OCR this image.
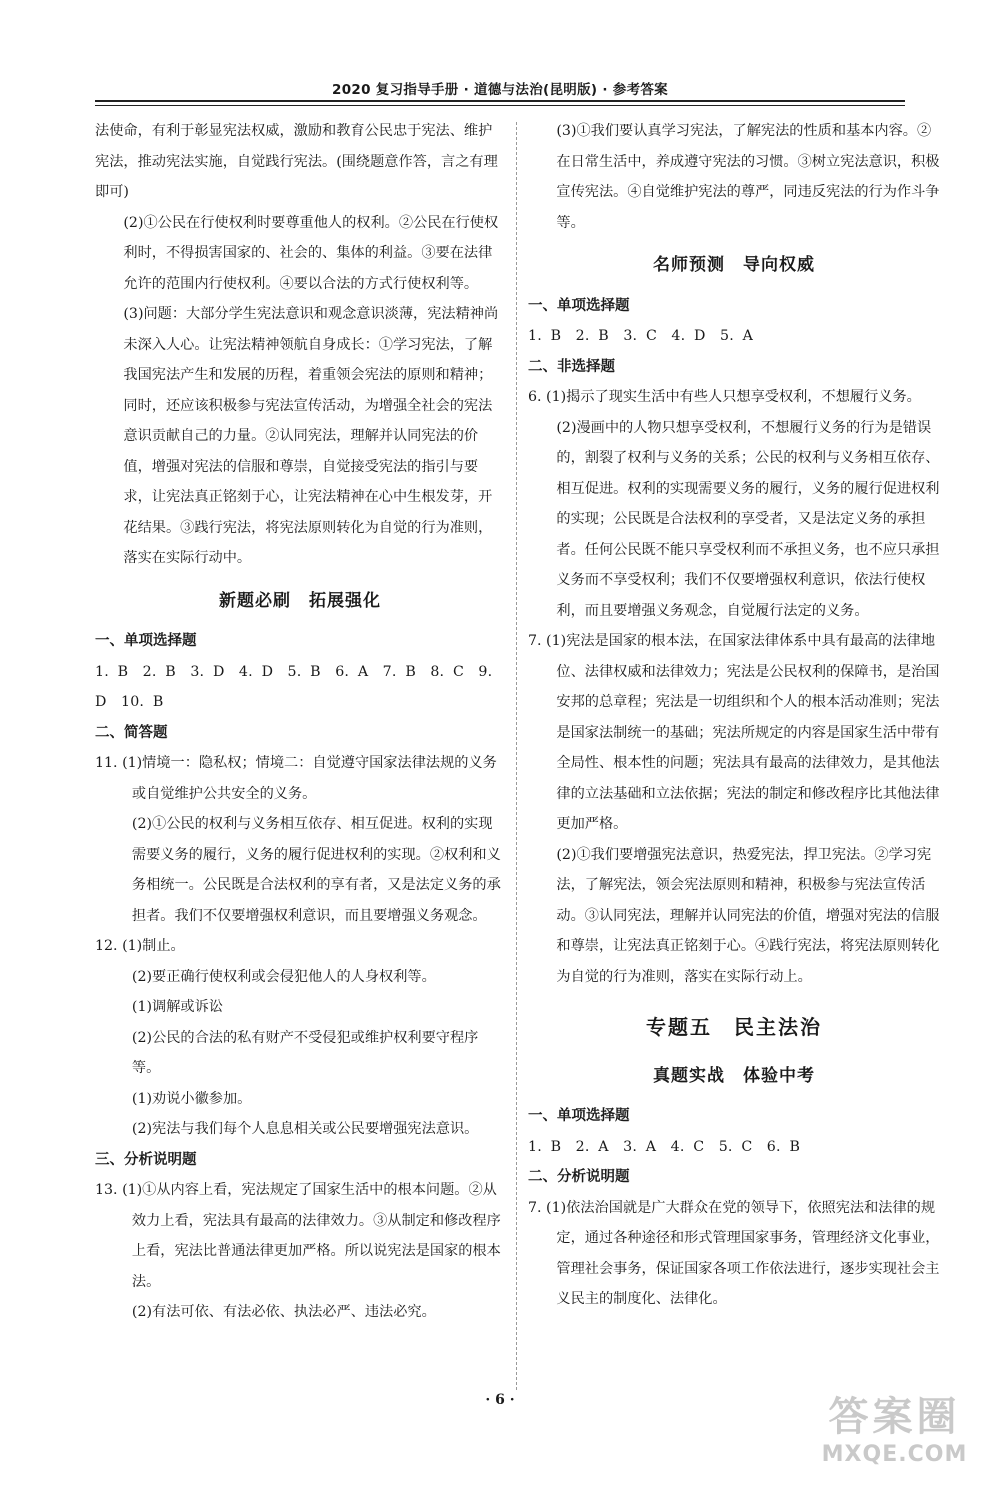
2020 复习指导手册 · 道德与法治(昆明版) · 参考答案

法使命，有利于彰显宪法权威，激励和教育公民忠于宪法、维护宪法，推动宪法实施，自觉践行宪法。(围绕题意作答，言之有理即可)

(2)①公民在行使权利时要尊重他人的权利。②公民在行使权利时，不得损害国家的、社会的、集体的利益。③要在法律允许的范围内行使权利。④要以合法的方式行使权利等。

(3)问题：大部分学生宪法意识和观念意识淡薄，宪法精神尚未深入人心。让宪法精神领航自身成长：①学习宪法，了解我国宪法产生和发展的历程，着重领会宪法的原则和精神；同时，还应该积极参与宪法宣传活动，为增强全社会的宪法意识贡献自己的力量。②认同宪法，理解并认同宪法的价值，增强对宪法的信服和尊崇，自觉接受宪法的指引与要求，让宪法真正铭刻于心，让宪法精神在心中生根发芽，开花结果。③践行宪法，将宪法原则转化为自觉的行为准则，落实在实际行动中。

新题必刷　拓展强化

一、单项选择题

1. B　2. B　3. D　4. D　5. B　6. A　7. B　8. C　9. D　10. B

二、简答题

11. (1)情境一：隐私权；情境二：自觉遵守国家法律法规的义务或自觉维护公共安全的义务。

(2)①公民的权利与义务相互依存、相互促进。权利的实现需要义务的履行，义务的履行促进权利的实现。②权利和义务相统一。公民既是合法权利的享有者，又是法定义务的承担者。我们不仅要增强权利意识，而且要增强义务观念。

12. (1)制止。

(2)要正确行使权利或会侵犯他人的人身权利等。

(1)调解或诉讼

(2)公民的合法的私有财产不受侵犯或维护权利要守程序等。

(1)劝说小徽参加。

(2)宪法与我们每个人息息相关或公民要增强宪法意识。

三、分析说明题

13. (1)①从内容上看，宪法规定了国家生活中的根本问题。②从效力上看，宪法具有最高的法律效力。③从制定和修改程序上看，宪法比普通法律更加严格。所以说宪法是国家的根本法。

(2)有法可依、有法必依、执法必严、违法必究。

(3)①我们要认真学习宪法，了解宪法的性质和基本内容。②在日常生活中，养成遵守宪法的习惯。③树立宪法意识，积极宣传宪法。④自觉维护宪法的尊严，同违反宪法的行为作斗争等。

名师预测　导向权威

一、单项选择题

1. B　2. B　3. C　4. D　5. A

二、非选择题

6. (1)揭示了现实生活中有些人只想享受权利，不想履行义务。

(2)漫画中的人物只想享受权利，不想履行义务的行为是错误的，割裂了权利与义务的关系；公民的权利与义务相互依存、相互促进。权利的实现需要义务的履行，义务的履行促进权利的实现；公民既是合法权利的享受者，又是法定义务的承担者。任何公民既不能只享受权利而不承担义务，也不应只承担义务而不享受权利；我们不仅要增强权利意识，依法行使权利，而且要增强义务观念，自觉履行法定的义务。

7. (1)宪法是国家的根本法，在国家法律体系中具有最高的法律地位、法律权威和法律效力；宪法是公民权利的保障书，是治国安邦的总章程；宪法是一切组织和个人的根本活动准则；宪法是国家法制统一的基础；宪法所规定的内容是国家生活中带有全局性、根本性的问题；宪法具有最高的法律效力，是其他法律的立法基础和立法依据；宪法的制定和修改程序比其他法律更加严格。

(2)①我们要增强宪法意识，热爱宪法，捍卫宪法。②学习宪法，了解宪法，领会宪法原则和精神，积极参与宪法宣传活动。③认同宪法，理解并认同宪法的价值，增强对宪法的信服和尊崇，让宪法真正铭刻于心。④践行宪法，将宪法原则转化为自觉的行为准则，落实在实际行动上。

专题五　民主法治

真题实战　体验中考

一、单项选择题

1. B　2. A　3. A　4. C　5. C　6. B

二、分析说明题

7. (1)依法治国就是广大群众在党的领导下，依照宪法和法律的规定，通过各种途径和形式管理国家事务，管理经济文化事业，管理社会事务，保证国家各项工作依法进行，逐步实现社会主义民主的制度化、法律化。

· 6 ·	答案圈
MXQE.COM
